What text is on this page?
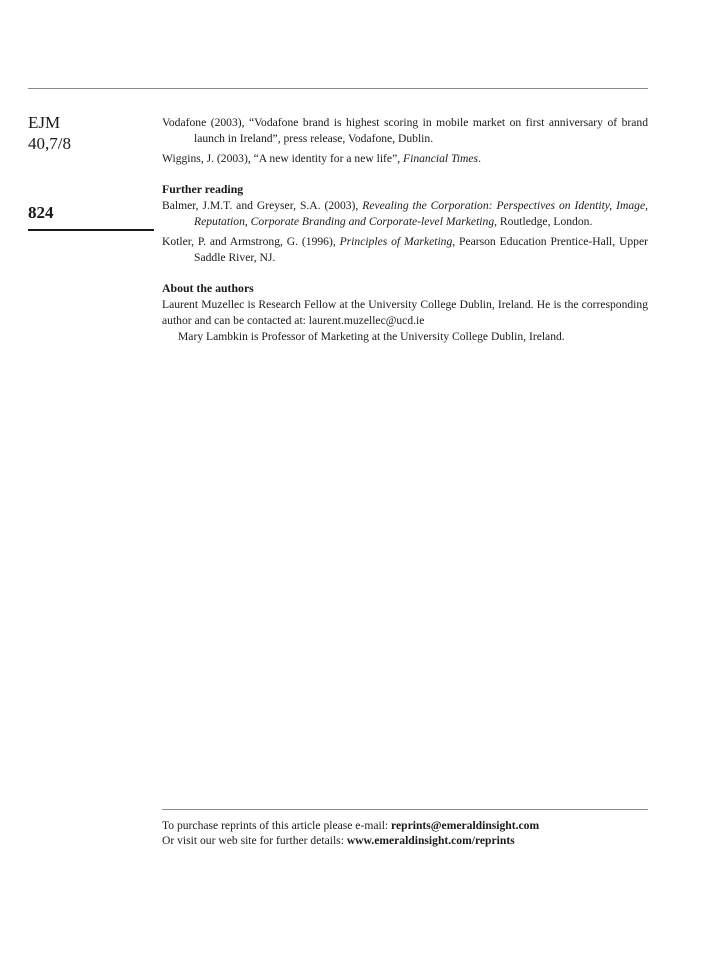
EJM
40,7/8
824

Vodafone (2003), “Vodafone brand is highest scoring in mobile market on first anniversary of brand launch in Ireland”, press release, Vodafone, Dublin.

Wiggins, J. (2003), “A new identity for a new life”, Financial Times.

Further reading

Balmer, J.M.T. and Greyser, S.A. (2003), Revealing the Corporation: Perspectives on Identity, Image, Reputation, Corporate Branding and Corporate-level Marketing, Routledge, London.

Kotler, P. and Armstrong, G. (1996), Principles of Marketing, Pearson Education Prentice-Hall, Upper Saddle River, NJ.

About the authors

Laurent Muzellec is Research Fellow at the University College Dublin, Ireland. He is the corresponding author and can be contacted at: laurent.muzellec@ucd.ie

Mary Lambkin is Professor of Marketing at the University College Dublin, Ireland.

To purchase reprints of this article please e-mail: reprints@emeraldinsight.com
Or visit our web site for further details: www.emeraldinsight.com/reprints
